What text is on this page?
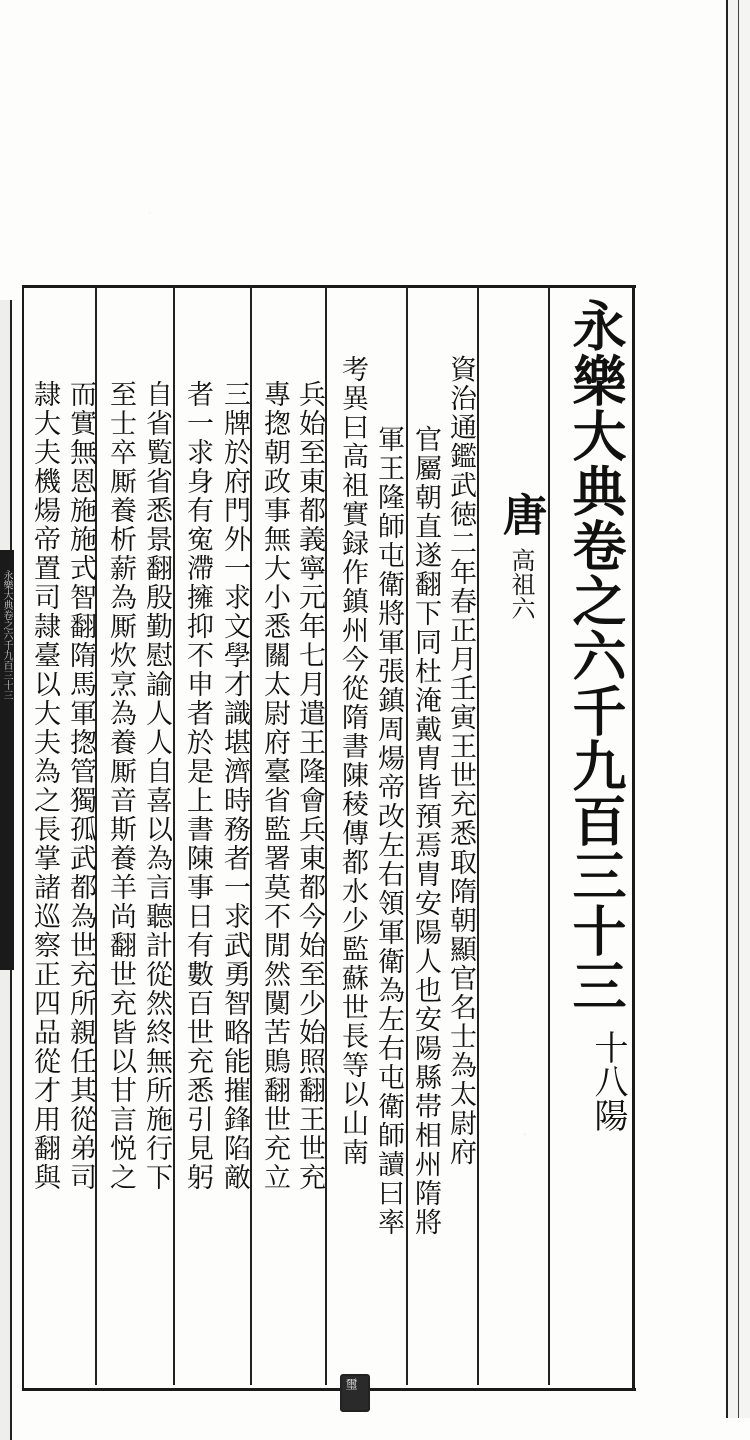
永樂大典卷之六千九百三十三	永樂大典卷之六千九百三十三
十八陽
唐
高祖六
資治通鑑武徳二年春正月壬寅王世充悉取隋朝顯官名士為太尉府
官屬朝直遂翻下同杜淹戴胄皆預焉胄安陽人也安陽縣帯相州隋將
軍王隆師屯衛將軍張鎮周煬帝改左右領軍衛為左右屯衛師讀曰率
考異曰高祖實録作鎮州今從隋書陳稜傳都水少監蘇世長等以山南
兵始至東都義寧元年七月遣王隆會兵東都今始至少始照翻王世充
專揔朝政事無大小悉關太尉府臺省監署莫不閒然闃苦鵙翻世充立
三牌於府門外一求文學才識堪濟時務者一求武勇智略能摧鋒陷敵
者一求身有寃滯擁抑不申者於是上書陳事日有數百世充悉引見躬
自省覧省悉景翻殷勤慰諭人人自喜以為言聽計從然終無所施行下
至士卒厮養析薪為厮炊烹為養厮音斯養羊尚翻世充皆以甘言悦之
而實無恩施施式智翻隋馬軍揔管獨孤武都為世充所親任其從弟司
隷大夫機煬帝置司隷臺以大夫為之長掌諸巡察正四品從才用翻與
璽
